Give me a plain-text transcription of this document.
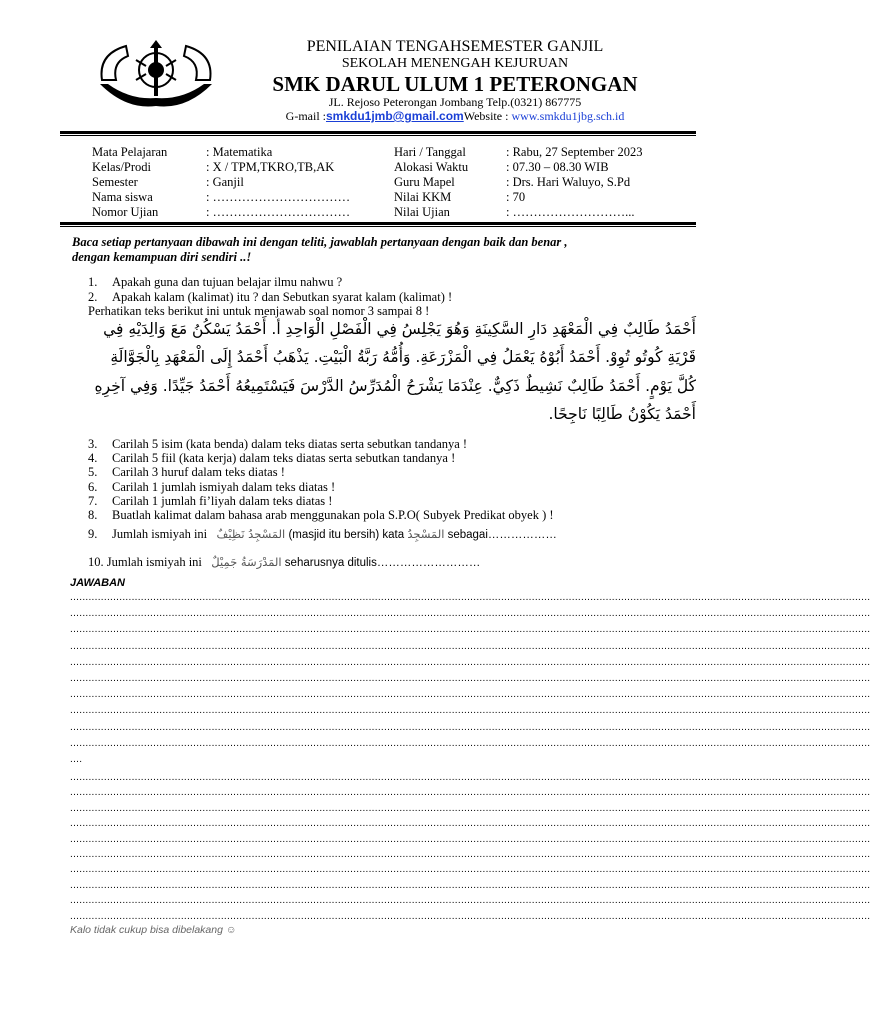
PENILAIAN TENGAHSEMESTER GANJIL
SEKOLAH MENENGAH KEJURUAN
SMK DARUL ULUM 1 PETERONGAN
JL. Rejoso Peterongan Jombang Telp.(0321) 867775
G-mail :smkdu1jmb@gmail.comWebsite : www.smkdu1jbg.sch.id
Mata Pelajaran	: Matematika
Kelas/Prodi	: X / TPM,TKRO,TB,AK
Semester	: Ganjil
Nama siswa	: ……………………………
Nomor Ujian	: ……………………………
Hari / Tanggal	: Rabu, 27 September 2023
Alokasi Waktu	: 07.30 – 08.30 WIB
Guru Mapel	: Drs. Hari Waluyo, S.Pd
Nilai KKM	: 70
Nilai Ujian	: ………………………...
Baca setiap pertanyaan dibawah ini dengan teliti, jawablah pertanyaan dengan baik dan benar ,
dengan kemampuan diri sendiri ..!
1. Apakah guna dan tujuan belajar ilmu nahwu ?
2. Apakah kalam (kalimat) itu ? dan Sebutkan syarat kalam (kalimat) !
Perhatikan teks berikut ini untuk menjawab soal nomor 3 sampai 8 !
أَحْمَدُ طَالِبٌ فِي الْمَعْهَدِ دَارِ السَّكِينَةِ وَهُوَ يَجْلِسُ فِي الْفَصْلِ الْوَاحِدِ أ. أَحْمَدُ يَسْكُنُ مَعَ وَالِدَيْهِ فِي
قَرْيَةِ كُوتُو تُوِوْ. أَحْمَدُ أَبُوْهُ يَعْمَلُ فِي الْمَزْرَعَةِ. وَأُمُّهُ رَبَّةُ الْبَيْتِ. يَذْهَبُ أَحْمَدُ إِلَى الْمَعْهَدِ بِالْجَوَّالَةِ
كُلَّ يَوْمٍ. أَحْمَدُ طَالِبٌ نَشِيطٌ ذَكِيٌّ. عِنْدَمَا يَشْرَحُ الْمُدَرِّسُ الدَّرْسَ فَيَسْتَمِيعُهُ أَحْمَدُ جَيِّدًا. وَفِي آخِرِهِ
أَحْمَدُ يَكُوْنُ طَالِبًا نَاجِحًا.
3. Carilah 5 isim (kata benda) dalam teks diatas serta sebutkan tandanya !
4. Carilah 5 fiil (kata kerja) dalam teks diatas serta sebutkan tandanya !
5. Carilah 3 huruf dalam teks diatas !
6. Carilah 1 jumlah ismiyah dalam teks diatas !
7. Carilah 1 jumlah fi’liyah dalam teks diatas !
8. Buatlah kalimat dalam bahasa arab menggunakan pola S.P.O( Subyek Predikat obyek ) !
9. Jumlah ismiyah ini المَسْجِدُ نَظِيْفٌ (masjid itu bersih) kata المَسْجِدُ sebagai………………
10. Jumlah ismiyah ini المَدْرَسَةُ جَمِيْلٌ seharusnya ditulis………………………
JAWABAN
....................................................................................................................................................................................................................................................................
....................................................................................................................................................................................................................................................................
....................................................................................................................................................................................................................................................................
....................................................................................................................................................................................................................................................................
....................................................................................................................................................................................................................................................................
....................................................................................................................................................................................................................................................................
....................................................................................................................................................................................................................................................................
....................................................................................................................................................................................................................................................................
....................................................................................................................................................................................................................................................................
....................................................................................................................................................................................................................................................................
....
....................................................................................................................................................................................................................................................................
....................................................................................................................................................................................................................................................................
....................................................................................................................................................................................................................................................................
....................................................................................................................................................................................................................................................................
....................................................................................................................................................................................................................................................................
....................................................................................................................................................................................................................................................................
....................................................................................................................................................................................................................................................................
....................................................................................................................................................................................................................................................................
....................................................................................................................................................................................................................................................................
....................................................................................................................................................................................................................................................................
Kalo tidak cukup bisa dibelakang ☺
